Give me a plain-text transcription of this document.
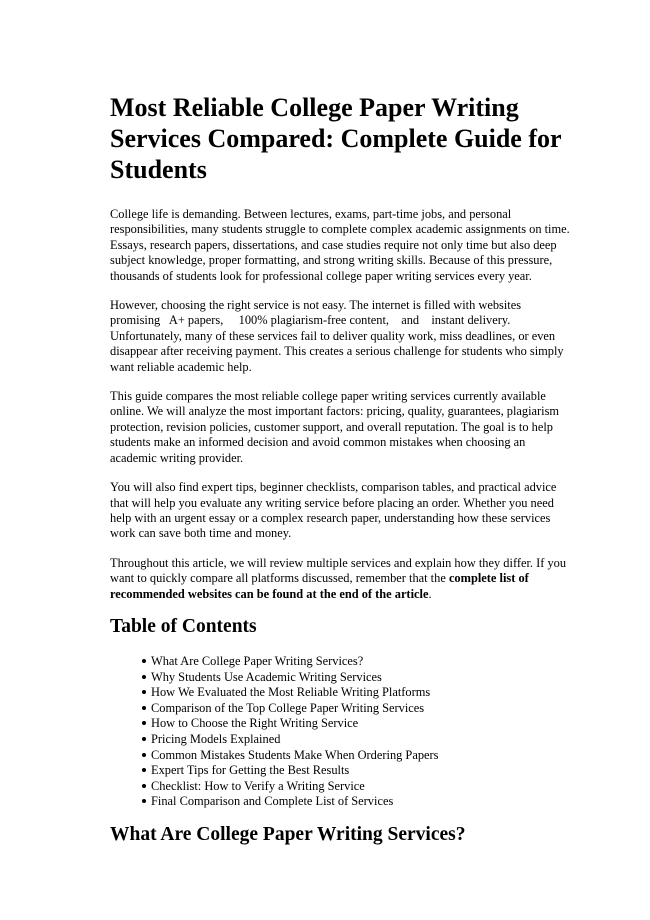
Most Reliable College Paper Writing Services Compared: Complete Guide for Students

College life is demanding. Between lectures, exams, part-time jobs, and personal responsibilities, many students struggle to complete complex academic assignments on time. Essays, research papers, dissertations, and case studies require not only time but also deep subject knowledge, proper formatting, and strong writing skills. Because of this pressure, thousands of students look for professional college paper writing services every year.

However, choosing the right service is not easy. The internet is filled with websites promising A+ papers, 100% plagiarism-free content, and instant delivery. Unfortunately, many of these services fail to deliver quality work, miss deadlines, or even disappear after receiving payment. This creates a serious challenge for students who simply want reliable academic help.

This guide compares the most reliable college paper writing services currently available online. We will analyze the most important factors: pricing, quality, guarantees, plagiarism protection, revision policies, customer support, and overall reputation. The goal is to help students make an informed decision and avoid common mistakes when choosing an academic writing provider.

You will also find expert tips, beginner checklists, comparison tables, and practical advice that will help you evaluate any writing service before placing an order. Whether you need help with an urgent essay or a complex research paper, understanding how these services work can save both time and money.

Throughout this article, we will review multiple services and explain how they differ. If you want to quickly compare all platforms discussed, remember that the complete list of recommended websites can be found at the end of the article.

Table of Contents
What Are College Paper Writing Services?
Why Students Use Academic Writing Services
How We Evaluated the Most Reliable Writing Platforms
Comparison of the Top College Paper Writing Services
How to Choose the Right Writing Service
Pricing Models Explained
Common Mistakes Students Make When Ordering Papers
Expert Tips for Getting the Best Results
Checklist: How to Verify a Writing Service
Final Comparison and Complete List of Services
What Are College Paper Writing Services?
